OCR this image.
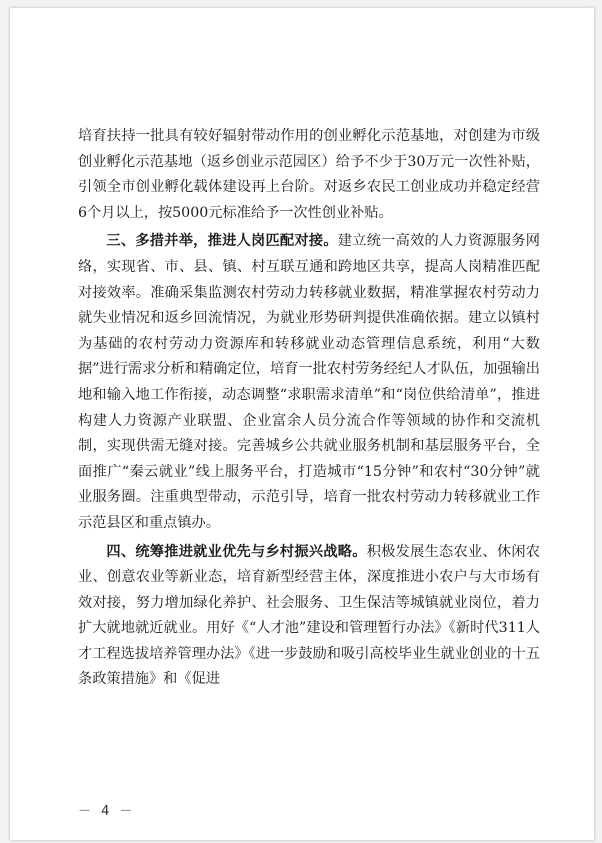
培育扶持一批具有较好辐射带动作用的创业孵化示范基地，对创建为市级创业孵化示范基地（返乡创业示范园区）给予不少于30万元一次性补贴，引领全市创业孵化载体建设再上台阶。对返乡农民工创业成功并稳定经营6个月以上，按5000元标准给予一次性创业补贴。

三、多措并举，推进人岗匹配对接。建立统一高效的人力资源服务网络，实现省、市、县、镇、村互联互通和跨地区共享，提高人岗精准匹配对接效率。准确采集监测农村劳动力转移就业数据，精准掌握农村劳动力就失业情况和返乡回流情况，为就业形势研判提供准确依据。建立以镇村为基础的农村劳动力资源库和转移就业动态管理信息系统，利用“大数据”进行需求分析和精确定位，培育一批农村劳务经纪人才队伍，加强输出地和输入地工作衔接，动态调整“求职需求清单”和“岗位供给清单”，推进构建人力资源产业联盟、企业富余人员分流合作等领域的协作和交流机制，实现供需无缝对接。完善城乡公共就业服务机制和基层服务平台，全面推广“秦云就业”线上服务平台，打造城市“15分钟”和农村“30分钟”就业服务圈。注重典型带动，示范引导，培育一批农村劳动力转移就业工作示范县区和重点镇办。

四、统筹推进就业优先与乡村振兴战略。积极发展生态农业、休闲农业、创意农业等新业态，培育新型经营主体，深度推进小农户与大市场有效对接，努力增加绿化养护、社会服务、卫生保洁等城镇就业岗位，着力扩大就地就近就业。用好《“人才池”建设和管理暂行办法》《新时代311人才工程选拔培养管理办法》《进一步鼓励和吸引高校毕业生就业创业的十五条政策措施》和《促进

－ 4 －
